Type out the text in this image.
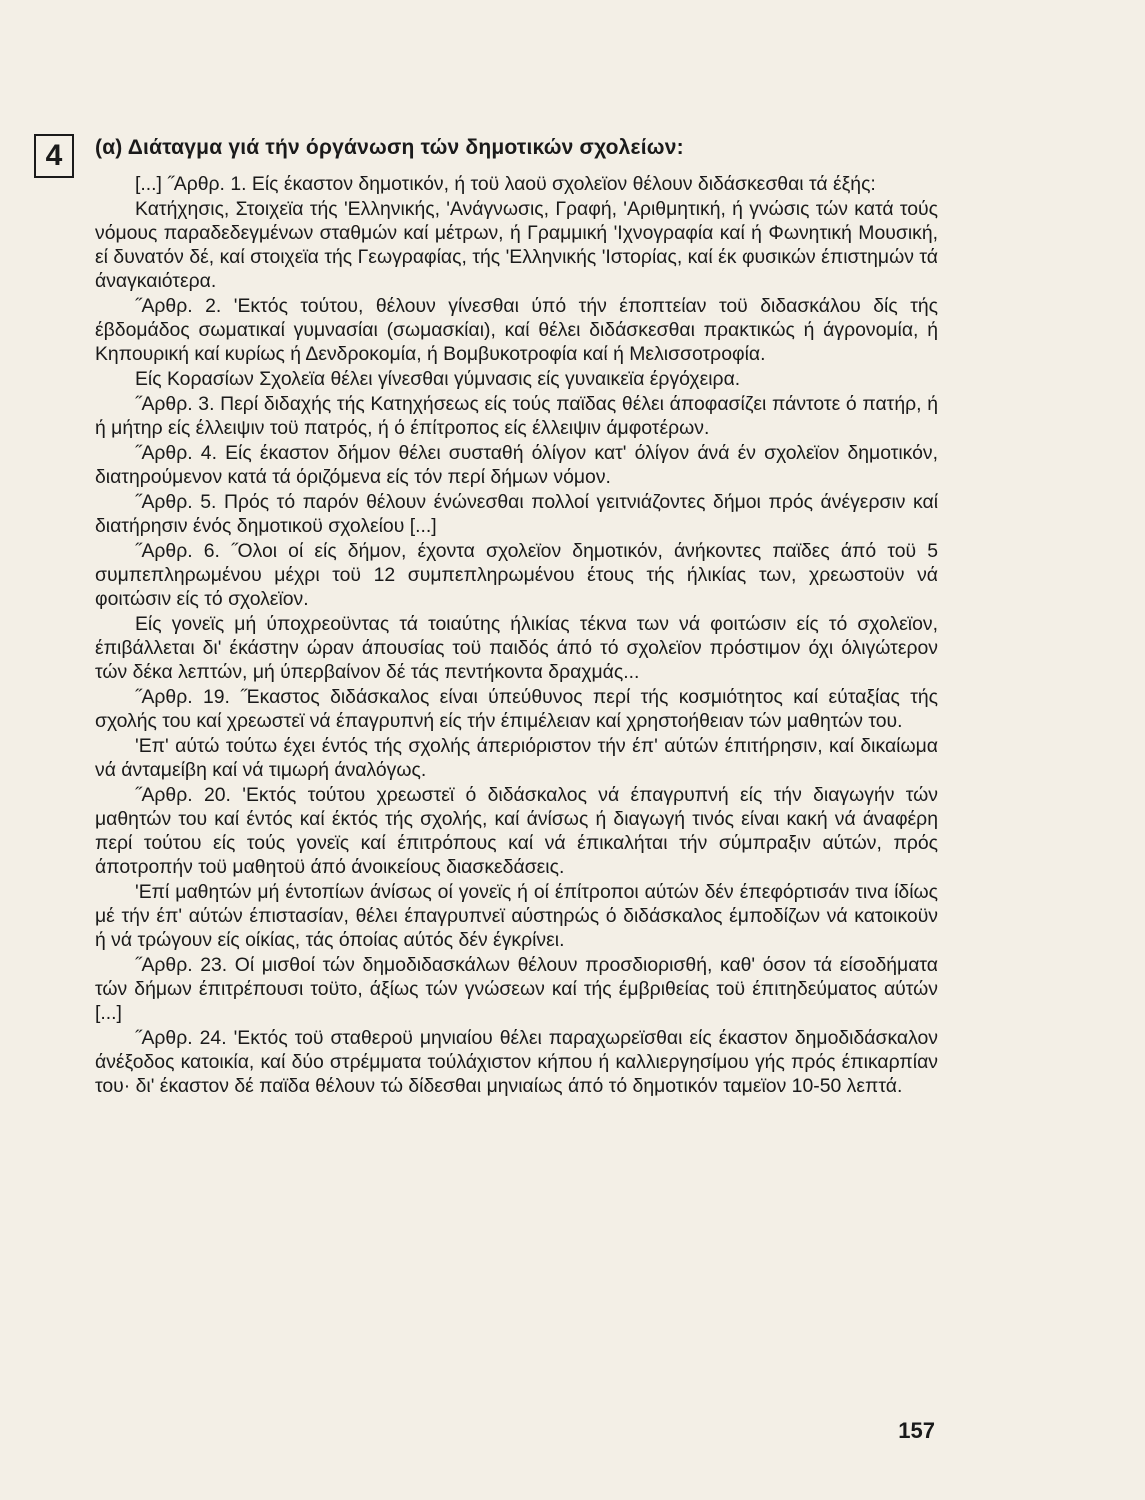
4 (α) Διάταγμα γιά τήν όργάνωση τών δημοτικών σχολείων:

[...] ˝Αρθρ. 1. Είς έκαστον δημοτικόν, ή τοϋ λαοϋ σχολεϊον θέλουν διδάσκεσθαι τά έξής:

Κατήχησις, Στοιχεϊα τής 'Ελληνικής, 'Ανάγνωσις, Γραφή, 'Αριθμητική, ή γνώσις τών κατά τούς νόμους παραδεδεγμένων σταθμών καί μέτρων, ή Γραμμική 'Ιχνογραφία καί ή Φωνητική Μουσική, εί δυνατόν δέ, καί στοιχεϊα τής Γεωγραφίας, τής 'Ελληνικής 'Ιστορίας, καί έκ φυσικών έπιστημών τά άναγκαιότερα.

˝Αρθρ. 2. 'Εκτός τούτου, θέλουν γίνεσθαι ύπό τήν έποπτείαν τοϋ διδασκάλου δίς τής έβδομάδος σωματικαί γυμνασίαι (σωμασκίαι), καί θέλει διδάσκεσθαι πρακτικώς ή άγρονομία, ή Κηπουρική καί κυρίως ή Δενδροκομία, ή Βομβυκοτροφία καί ή Μελισσοτροφία.

Είς Κορασίων Σχολεϊα θέλει γίνεσθαι γύμνασις είς γυναικεϊα έργόχειρα.

˝Αρθρ. 3. Περί διδαχής τής Κατηχήσεως είς τούς παϊδας θέλει άποφασίζει πάντοτε ό πατήρ, ή ή μήτηρ είς έλλειψιν τοϋ πατρός, ή ό έπίτροπος είς έλλειψιν άμφοτέρων.

˝Αρθρ. 4. Είς έκαστον δήμον θέλει συσταθή όλίγον κατ' όλίγον άνά έν σχολεϊον δημοτικόν, διατηρούμενον κατά τά όριζόμενα είς τόν περί δήμων νόμον.

˝Αρθρ. 5. Πρός τό παρόν θέλουν ένώνεσθαι πολλοί γειτνιάζοντες δήμοι πρός άνέγερσιν καί διατήρησιν ένός δημοτικοϋ σχολείου [...]

˝Αρθρ. 6. ˝Ολοι οί είς δήμον, έχοντα σχολεϊον δημοτικόν, άνήκοντες παϊδες άπό τοϋ 5 συμπεπληρωμένου μέχρι τοϋ 12 συμπεπληρωμένου έτους τής ήλικίας των, χρεωστοϋν νά φοιτώσιν είς τό σχολεϊον.

Είς γονεϊς μή ύποχρεοϋντας τά τοιαύτης ήλικίας τέκνα των νά φοιτώσιν είς τό σχολεϊον, έπιβάλλεται δι' έκάστην ώραν άπουσίας τοϋ παιδός άπό τό σχολεϊον πρόστιμον όχι όλιγώτερον τών δέκα λεπτών, μή ύπερβαίνον δέ τάς πεντήκοντα δραχμάς...

˝Αρθρ. 19. ˝Εκαστος διδάσκαλος είναι ύπεύθυνος περί τής κοσμιότητος καί εύταξίας τής σχολής του καί χρεωστεϊ νά έπαγρυπνή είς τήν έπιμέλειαν καί χρηστοήθειαν τών μαθητών του.

'Επ' αύτώ τούτω έχει έντός τής σχολής άπεριόριστον τήν έπ' αύτών έπιτήρησιν, καί δικαίωμα νά άνταμείβη καί νά τιμωρή άναλόγως.

˝Αρθρ. 20. 'Εκτός τούτου χρεωστεϊ ό διδάσκαλος νά έπαγρυπνή είς τήν διαγωγήν τών μαθητών του καί έντός καί έκτός τής σχολής, καί άνίσως ή διαγωγή τινός είναι κακή νά άναφέρη περί τούτου είς τούς γονεϊς καί έπιτρόπους καί νά έπικαλήται τήν σύμπραξιν αύτών, πρός άποτροπήν τοϋ μαθητοϋ άπό άνοικείους διασκεδάσεις.

'Επί μαθητών μή έντοπίων άνίσως οί γονεϊς ή οί έπίτροποι αύτών δέν έπεφόρτισάν τινα ίδίως μέ τήν έπ' αύτών έπιστασίαν, θέλει έπαγρυπνεϊ αύστηρώς ό διδάσκαλος έμποδίζων νά κατοικοϋν ή νά τρώγουν είς οίκίας, τάς όποίας αύτός δέν έγκρίνει.

˝Αρθρ. 23. Οί μισθοί τών δημοδιδασκάλων θέλουν προσδιορισθή, καθ' όσον τά είσοδήματα τών δήμων έπιτρέπουσι τοϋτο, άξίως τών γνώσεων καί τής έμβριθείας τοϋ έπιτηδεύματος αύτών [...]

˝Αρθρ. 24. 'Εκτός τοϋ σταθεροϋ μηνιαίου θέλει παραχωρεϊσθαι είς έκαστον δημοδιδάσκαλον άνέξοδος κατοικία, καί δύο στρέμματα τούλάχιστον κήπου ή καλλιεργησίμου γής πρός έπικαρπίαν του· δι' έκαστον δέ παϊδα θέλουν τώ δίδεσθαι μηνιαίως άπό τό δημοτικόν ταμεϊον 10-50 λεπτά.

157
